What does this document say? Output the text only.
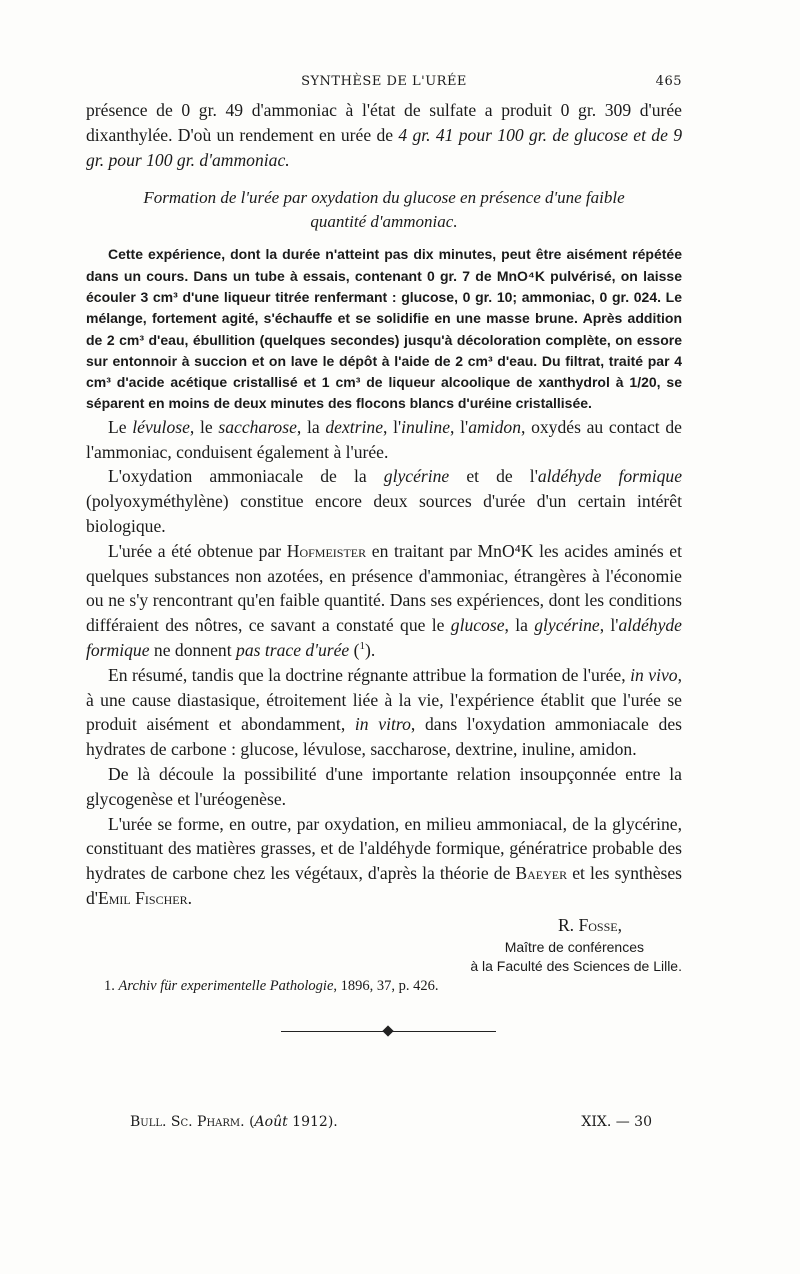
SYNTHÈSE DE L'URÉE	465

présence de 0 gr. 49 d'ammoniac à l'état de sulfate a produit 0 gr. 309 d'urée dixanthylée. D'où un rendement en urée de 4 gr. 41 pour 100 gr. de glucose et de 9 gr. pour 100 gr. d'ammoniac.

Formation de l'urée par oxydation du glucose en présence d'une faible quantité d'ammoniac.

Cette expérience, dont la durée n'atteint pas dix minutes, peut être aisément répétée dans un cours. Dans un tube à essais, contenant 0 gr. 7 de MnO⁴K pulvérisé, on laisse écouler 3 cm³ d'une liqueur titrée renfermant : glucose, 0 gr. 10; ammoniac, 0 gr. 024. Le mélange, fortement agité, s'échauffe et se solidifie en une masse brune. Après addition de 2 cm³ d'eau, ébullition (quelques secondes) jusqu'à décoloration complète, on essore sur entonnoir à succion et on lave le dépôt à l'aide de 2 cm³ d'eau. Du filtrat, traité par 4 cm³ d'acide acétique cristallisé et 1 cm³ de liqueur alcoolique de xanthydrol à 1/20, se séparent en moins de deux minutes des flocons blancs d'uréine cristallisée.

Le lévulose, le saccharose, la dextrine, l'inuline, l'amidon, oxydés au contact de l'ammoniac, conduisent également à l'urée.

L'oxydation ammoniacale de la glycérine et de l'aldéhyde formique (polyoxyméthylène) constitue encore deux sources d'urée d'un certain intérêt biologique.

L'urée a été obtenue par Hofmeister en traitant par MnO⁴K les acides aminés et quelques substances non azotées, en présence d'ammoniac, étrangères à l'économie ou ne s'y rencontrant qu'en faible quantité. Dans ses expériences, dont les conditions différaient des nôtres, ce savant a constaté que le glucose, la glycérine, l'aldéhyde formique ne donnent pas trace d'urée ($^1$).

En résumé, tandis que la doctrine régnante attribue la formation de l'urée, in vivo, à une cause diastasique, étroitement liée à la vie, l'expérience établit que l'urée se produit aisément et abondamment, in vitro, dans l'oxydation ammoniacale des hydrates de carbone : glucose, lévulose, saccharose, dextrine, inuline, amidon.

De là découle la possibilité d'une importante relation insoupçonnée entre la glycogenèse et l'uréogenèse.

L'urée se forme, en outre, par oxydation, en milieu ammoniacal, de la glycérine, constituant des matières grasses, et de l'aldéhyde formique, génératrice probable des hydrates de carbone chez les végétaux, d'après la théorie de Baeyer et les synthèses d'Emil Fischer.

R. Fosse,
Maître de conférences
à la Faculté des Sciences de Lille.

1. Archiv für experimentelle Pathologie, 1896, 37, p. 426.

Bull. Sc. Pharm. (Août 1912).	XIX. — 30
